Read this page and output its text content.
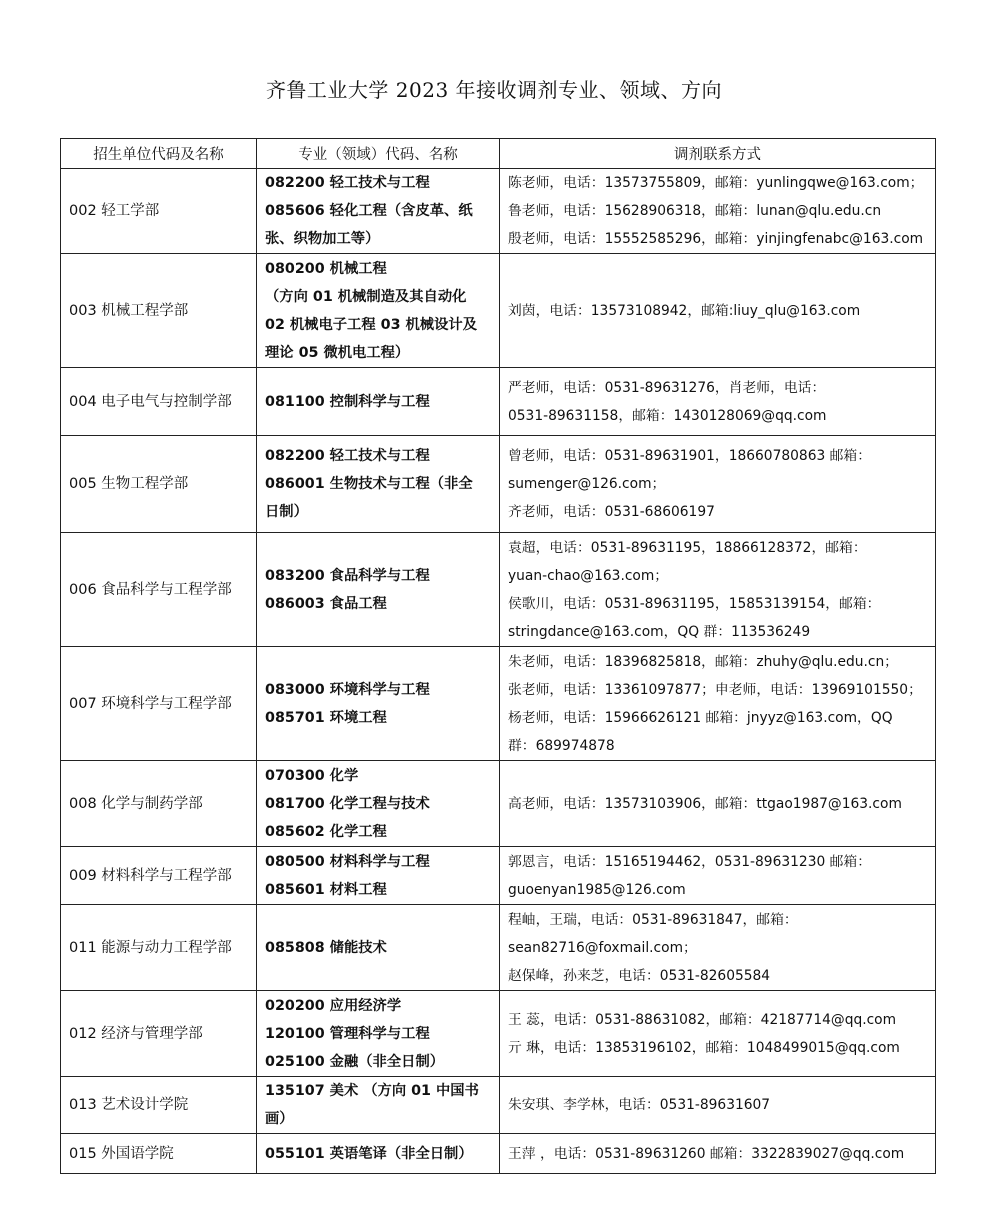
齐鲁工业大学 2023 年接收调剂专业、领域、方向
招生单位代码及名称	专业（领域）代码、名称	调剂联系方式
002 轻工学部	082200 轻工技术与工程
085606 轻化工程（含皮革、纸
张、织物加工等）	陈老师，电话：13573755809，邮箱：yunlingqwe@163.com；
鲁老师，电话：15628906318，邮箱：lunan@qlu.edu.cn
殷老师，电话：15552585296，邮箱：yinjingfenabc@163.com

003 机械工程学部	080200 机械工程
（方向 01 机械制造及其自动化
02 机械电子工程 03 机械设计及
理论 05 微机电工程）	刘茵，电话：13573108942，邮箱:liuy_qlu@163.com

004 电子电气与控制学部	081100 控制科学与工程	严老师，电话：0531-89631276，肖老师，电话：
0531-89631158，邮箱：1430128069@qq.com

005 生物工程学部	082200 轻工技术与工程
086001 生物技术与工程（非全
日制）	曾老师，电话：0531-89631901，18660780863 邮箱：
sumenger@126.com；
齐老师，电话：0531-68606197

006 食品科学与工程学部	083200 食品科学与工程
086003 食品工程	袁超，电话：0531-89631195，18866128372，邮箱：
yuan-chao@163.com；
侯歌川，电话：0531-89631195，15853139154，邮箱：
stringdance@163.com，QQ 群：113536249

007 环境科学与工程学部	083000 环境科学与工程
085701 环境工程	朱老师，电话：18396825818，邮箱：zhuhy@qlu.edu.cn；
张老师，电话：13361097877；申老师，电话：13969101550；
杨老师，电话：15966626121 邮箱：jnyyz@163.com，QQ
群：689974878

008 化学与制药学部	070300 化学
081700 化学工程与技术
085602 化学工程	高老师，电话：13573103906，邮箱：ttgao1987@163.com

009 材料科学与工程学部	080500 材料科学与工程
085601 材料工程	郭恩言，电话：15165194462，0531-89631230 邮箱：
guoenyan1985@126.com

011 能源与动力工程学部	085808 储能技术	程岫，王瑞，电话：0531-89631847，邮箱：
sean82716@foxmail.com；
赵保峰，孙来芝，电话：0531-82605584

012 经济与管理学部	020200 应用经济学
120100 管理科学与工程
025100 金融（非全日制）	王 蕊，电话：0531-88631082，邮箱：42187714@qq.com
亓 琳，电话：13853196102，邮箱：1048499015@qq.com

013 艺术设计学院	135107 美术 （方向 01 中国书
画）	朱安琪、李学林，电话：0531-89631607

015 外国语学院	055101 英语笔译（非全日制）	王萍 ，电话：0531-89631260 邮箱：3322839027@qq.com
